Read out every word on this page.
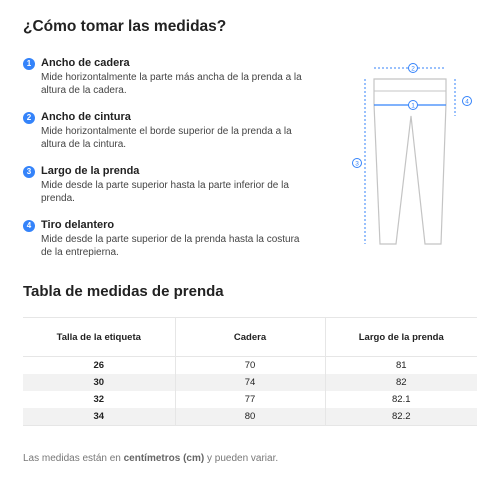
¿Cómo tomar las medidas?
1 Ancho de cadera
Mide horizontalmente la parte más ancha de la prenda a la altura de la cadera.
2 Ancho de cintura
Mide horizontalmente el borde superior de la prenda a la altura de la cintura.
3 Largo de la prenda
Mide desde la parte superior hasta la parte inferior de la prenda.
4 Tiro delantero
Mide desde la parte superior de la prenda hasta la costura de la entrepierna.
2
1
3
4
Tabla de medidas de prenda
Talla de la etiqueta	Cadera	Largo de la prenda
26	70	81
30	74	82
32	77	82.1
34	80	82.2
Las medidas están en centímetros (cm) y pueden variar.
